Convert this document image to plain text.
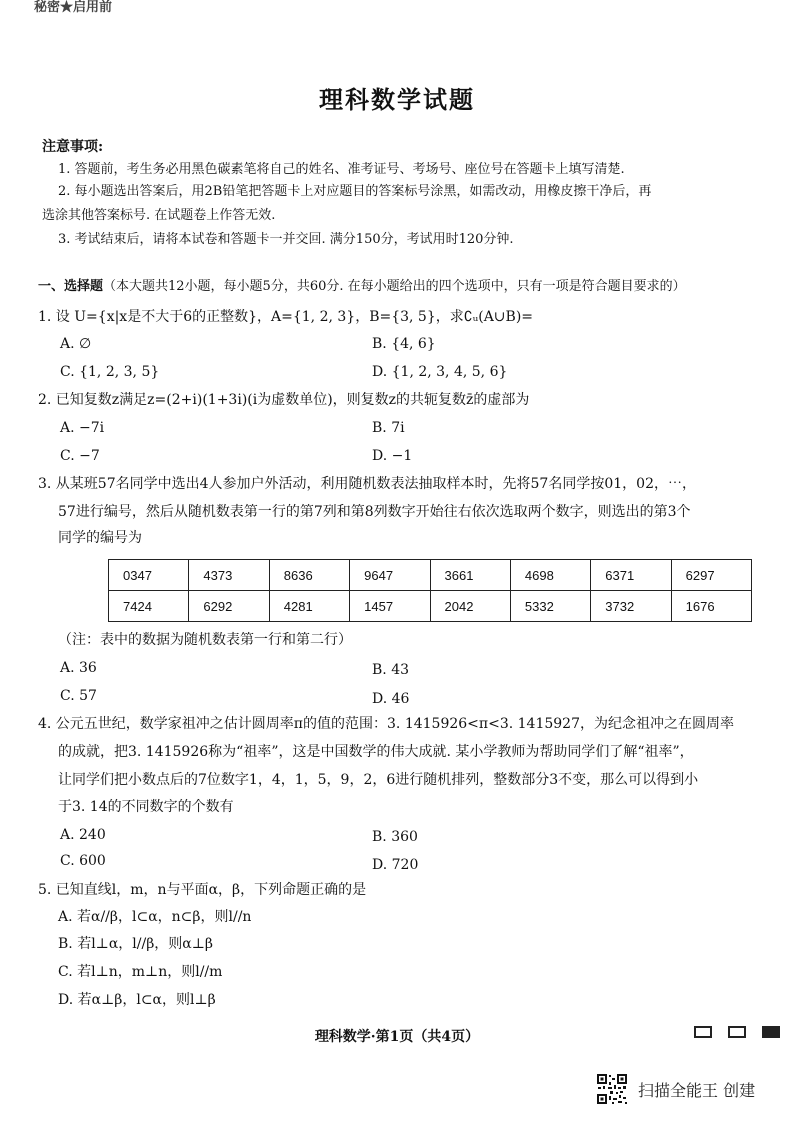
秘密★启用前
理科数学试题
注意事项:
1. 答题前，考生务必用黑色碳素笔将自己的姓名、准考证号、考场号、座位号在答题卡上填写清楚.
2. 每小题选出答案后，用2B铅笔把答题卡上对应题目的答案标号涂黑，如需改动，用橡皮擦干净后，再
选涂其他答案标号. 在试题卷上作答无效.
3. 考试结束后，请将本试卷和答题卡一并交回. 满分150分，考试用时120分钟.
一、选择题（本大题共12小题，每小题5分，共60分. 在每小题给出的四个选项中，只有一项是符合题目要求的）
1. 设 U={x|x是不大于6的正整数}，A={1, 2, 3}，B={3, 5}，求∁ᵤ(A∪B)=
A. ∅	B. {4, 6}
C. {1, 2, 3, 5}	D. {1, 2, 3, 4, 5, 6}
2. 已知复数z满足z=(2+i)(1+3i)(i为虚数单位)，则复数z的共轭复数z̄的虚部为
A. −7i	B. 7i
C. −7	D. −1
3. 从某班57名同学中选出4人参加户外活动，利用随机数表法抽取样本时，先将57名同学按01，02，⋯，
57进行编号，然后从随机数表第一行的第7列和第8列数字开始往右依次选取两个数字，则选出的第3个
同学的编号为
0347	4373	8636	9647	3661	4698	6371	6297
7424	6292	4281	1457	2042	5332	3732	1676
（注：表中的数据为随机数表第一行和第二行）
A. 36	B. 43
C. 57	D. 46
4. 公元五世纪，数学家祖冲之估计圆周率π的值的范围：3. 1415926<π<3. 1415927，为纪念祖冲之在圆周率
的成就，把3. 1415926称为“祖率”，这是中国数学的伟大成就. 某小学教师为帮助同学们了解“祖率”，
让同学们把小数点后的7位数字1，4，1，5，9，2，6进行随机排列，整数部分3不变，那么可以得到小
于3. 14的不同数字的个数有
A. 240	B. 360
C. 600	D. 720
5. 已知直线l，m，n与平面α，β，下列命题正确的是
A. 若α//β，l⊂α，n⊂β，则l//n
B. 若l⊥α，l//β，则α⊥β
C. 若l⊥n，m⊥n，则l//m
D. 若α⊥β，l⊂α，则l⊥β
理科数学·第1页（共4页）
扫描全能王 创建
